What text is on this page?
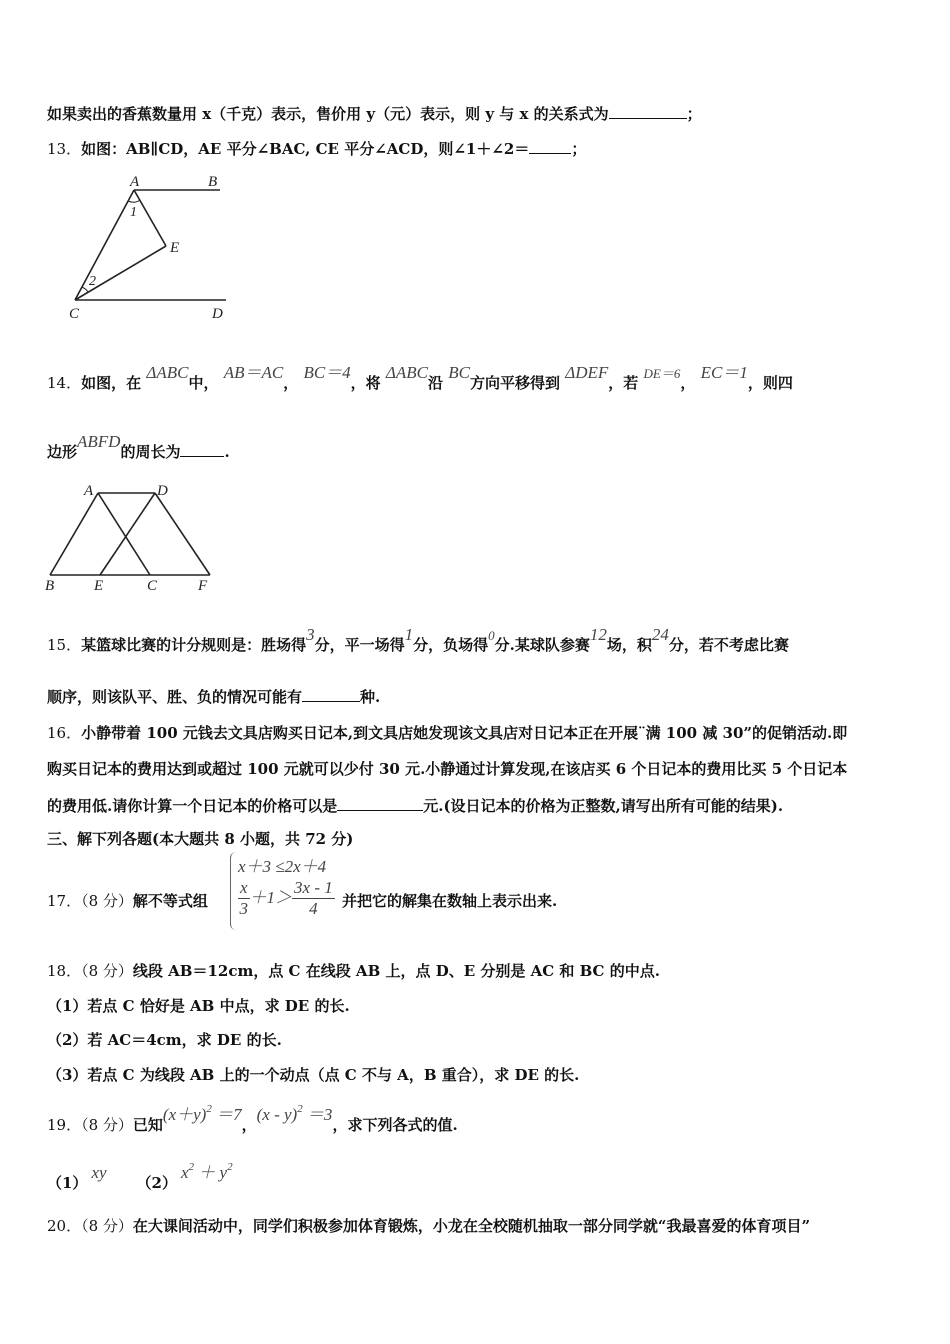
如果卖出的香蕉数量用 x（千克）表示，售价用 y（元）表示，则 y 与 x 的关系式为	；
13．如图：AB∥CD，AE 平分∠BAC, CE 平分∠ACD，则∠1＋∠2＝	；
A	B
1
E
2
C	D
14．如图，在 ΔABC中， AB＝AC， BC＝4，将 ΔABC沿 BC方向平移得到 ΔDEF，若 DE＝6， EC＝1，则四
边形ABFD的周长为	.
A	D
B	E	C	F
15．某篮球比赛的计分规则是：胜场得3分，平一场得1分，负场得0分.某球队参赛12场，积24分，若不考虑比赛
顺序，则该队平、胜、负的情况可能有	种.
16．小静带着 100 元钱去文具店购买日记本,到文具店她发现该文具店对日记本正在开展¨满 100 减 30”的促销活动.即
购买日记本的费用达到或超过 100 元就可以少付 30 元.小静通过计算发现,在该店买 6 个日记本的费用比买 5 个日记本
的费用低.请你计算一个日记本的价格可以是	元.(设日记本的价格为正整数,请写出所有可能的结果).
三、解下列各题(本大题共 8 小题，共 72 分)
17．（8 分）解不等式组
x＋3 ≤2x＋4
$\frac{x}{3} +1> \frac{3x - 1}{4}$ 并把它的解集在数轴上表示出来.
18．（8 分）线段 AB＝12cm，点 C 在线段 AB 上，点 D、E 分别是 AC 和 BC 的中点.
（1）若点 C 恰好是 AB 中点，求 DE 的长.
（2）若 AC＝4cm，求 DE 的长.
（3）若点 C 为线段 AB 上的一个动点（点 C 不与 A，B 重合），求 DE 的长.
19．（8 分）已知$(x+y)^2 =7$，(x - y)$^2$ ＝3，求下列各式的值.
$(1)xy(2)x^2 + y^2$
20．（8 分）在大课间活动中，同学们积极参加体育锻炼，小龙在全校随机抽取一部分同学就“我最喜爱的体育项目”
